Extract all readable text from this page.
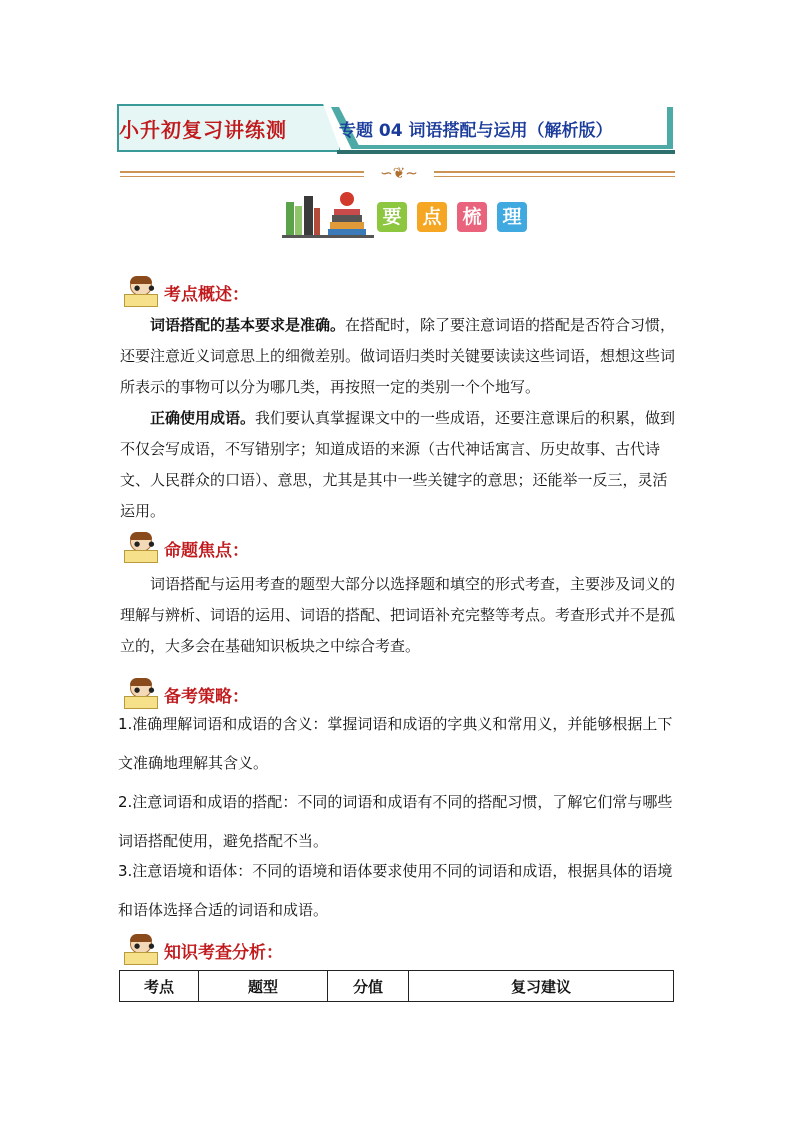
小升初复习讲练测	专题 04 词语搭配与运用（解析版）
∽❦∼
要 点 梳 理
● ● 考点概述：

词语搭配的基本要求是准确。在搭配时，除了要注意词语的搭配是否符合习惯，还要注意近义词意思上的细微差别。做词语归类时关键要读读这些词语，想想这些词所表示的事物可以分为哪几类，再按照一定的类别一个个地写。

正确使用成语。我们要认真掌握课文中的一些成语，还要注意课后的积累，做到不仅会写成语，不写错别字；知道成语的来源（古代神话寓言、历史故事、古代诗文、人民群众的口语）、意思，尤其是其中一些关键字的意思；还能举一反三，灵活运用。

● ● 命题焦点：

词语搭配与运用考查的题型大部分以选择题和填空的形式考查，主要涉及词义的理解与辨析、词语的运用、词语的搭配、把词语补充完整等考点。考查形式并不是孤立的，大多会在基础知识板块之中综合考查。

● ● 备考策略：

1.准确理解词语和成语的含义：掌握词语和成语的字典义和常用义，并能够根据上下文准确地理解其含义。

2.注意词语和成语的搭配：不同的词语和成语有不同的搭配习惯，了解它们常与哪些词语搭配使用，避免搭配不当。

3.注意语境和语体：不同的语境和语体要求使用不同的词语和成语，根据具体的语境和语体选择合适的词语和成语。

● ● 知识考查分析：
考点	题型	分值	复习建议
